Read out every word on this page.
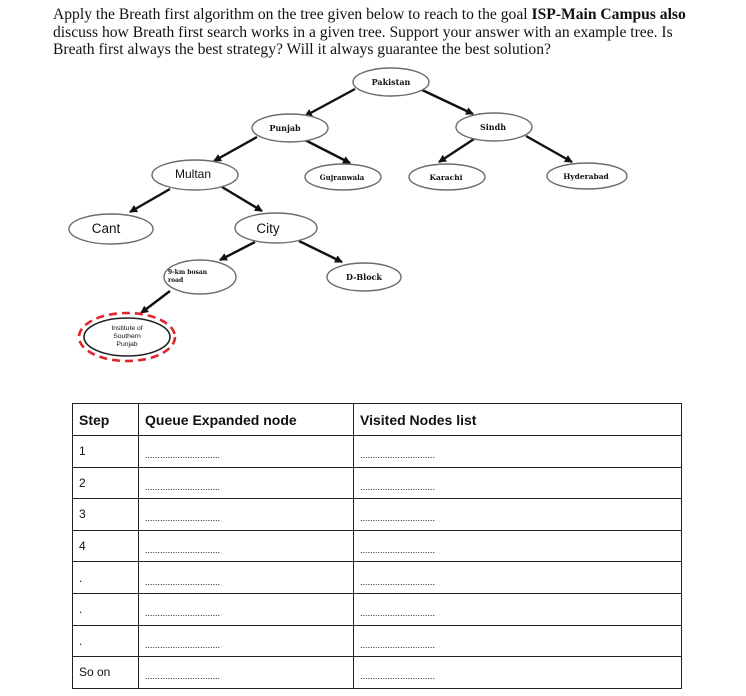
Apply the Breath first algorithm on the tree given below to reach to the goal ISP-Main Campus also discuss how Breath first search works in a given tree. Support your answer with an example tree. Is Breath first always the best strategy? Will it always guarantee the best solution?
Pakistan
Punjab	Sindh
Multan	Gujranwala	Karachi	Hyderabad
Cant	City
9-km bosan
road	D-Block
Institute of
Southern
Punjab
Step	Queue Expanded node	Visited Nodes list
1	$_{..............................}$	$_{..............................}$
2	$_{..............................}$	$_{..............................}$
3	$_{..............................}$	$_{..............................}$
4	$_{..............................}$	$_{..............................}$
.	$_{..............................}$	$_{..............................}$
.	$_{..............................}$	$_{..............................}$
.	$_{..............................}$	$_{..............................}$
So on	$_{..............................}$	$_{..............................}$
